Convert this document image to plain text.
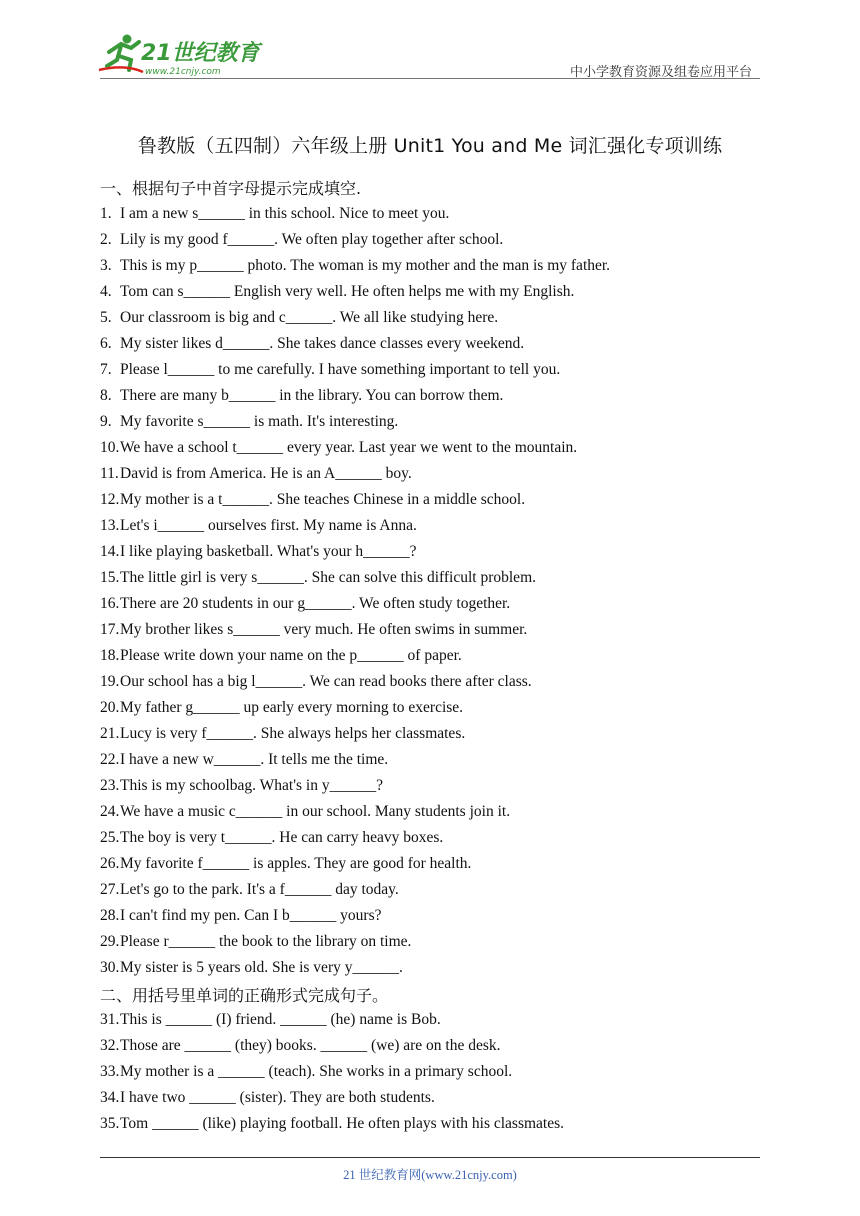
21世纪教育
www.21cnjy.com	中小学教育资源及组卷应用平台
鲁教版（五四制）六年级上册 Unit1 You and Me 词汇强化专项训练
一、根据句子中首字母提示完成填空.
1. I am a new s______ in this school. Nice to meet you.
2. Lily is my good f______. We often play together after school.
3. This is my p______ photo. The woman is my mother and the man is my father.
4. Tom can s______ English very well. He often helps me with my English.
5. Our classroom is big and c______. We all like studying here.
6. My sister likes d______. She takes dance classes every weekend.
7. Please l______ to me carefully. I have something important to tell you.
8. There are many b______ in the library. You can borrow them.
9. My favorite s______ is math. It's interesting.
10. We have a school t______ every year. Last year we went to the mountain.
11. David is from America. He is an A______ boy.
12. My mother is a t______. She teaches Chinese in a middle school.
13. Let's i______ ourselves first. My name is Anna.
14. I like playing basketball. What's your h______?
15. The little girl is very s______. She can solve this difficult problem.
16. There are 20 students in our g______. We often study together.
17. My brother likes s______ very much. He often swims in summer.
18. Please write down your name on the p______ of paper.
19. Our school has a big l______. We can read books there after class.
20. My father g______ up early every morning to exercise.
21. Lucy is very f______. She always helps her classmates.
22. I have a new w______. It tells me the time.
23. This is my schoolbag. What's in y______?
24. We have a music c______ in our school. Many students join it.
25. The boy is very t______. He can carry heavy boxes.
26. My favorite f______ is apples. They are good for health.
27. Let's go to the park. It's a f______ day today.
28. I can't find my pen. Can I b______ yours?
29. Please r______ the book to the library on time.
30. My sister is 5 years old. She is very y______.
二、用括号里单词的正确形式完成句子。
31. This is ______ (I) friend. ______ (he) name is Bob.
32. Those are ______ (they) books. ______ (we) are on the desk.
33. My mother is a ______ (teach). She works in a primary school.
34. I have two ______ (sister). They are both students.
35. Tom ______ (like) playing football. He often plays with his classmates.
21 世纪教育网(www.21cnjy.com)
